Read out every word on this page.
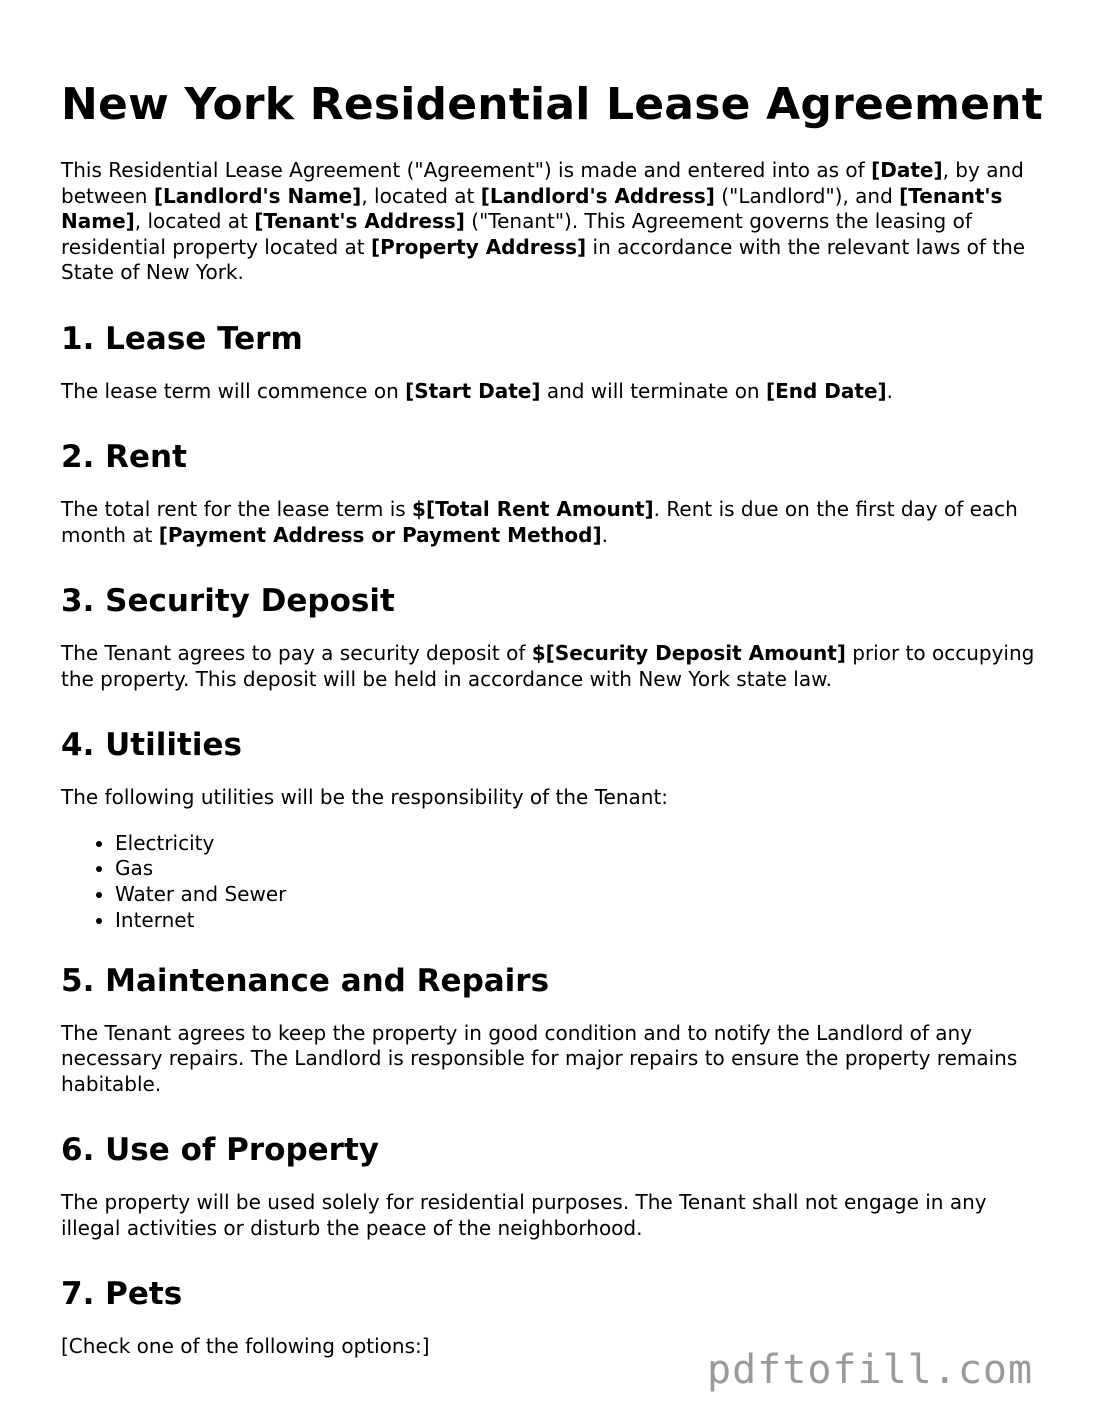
New York Residential Lease Agreement

This Residential Lease Agreement ("Agreement") is made and entered into as of [Date], by and between [Landlord's Name], located at [Landlord's Address] ("Landlord"), and [Tenant's Name], located at [Tenant's Address] ("Tenant"). This Agreement governs the leasing of residential property located at [Property Address] in accordance with the relevant laws of the State of New York.

1. Lease Term

The lease term will commence on [Start Date] and will terminate on [End Date].

2. Rent

The total rent for the lease term is $[Total Rent Amount]. Rent is due on the first day of each month at [Payment Address or Payment Method].

3. Security Deposit

The Tenant agrees to pay a security deposit of $[Security Deposit Amount] prior to occupying the property. This deposit will be held in accordance with New York state law.

4. Utilities

The following utilities will be the responsibility of the Tenant:

• Electricity
• Gas
• Water and Sewer
• Internet
5. Maintenance and Repairs

The Tenant agrees to keep the property in good condition and to notify the Landlord of any necessary repairs. The Landlord is responsible for major repairs to ensure the property remains habitable.

6. Use of Property

The property will be used solely for residential purposes. The Tenant shall not engage in any illegal activities or disturb the peace of the neighborhood.

7. Pets

[Check one of the following options:]

pdftofill.com
